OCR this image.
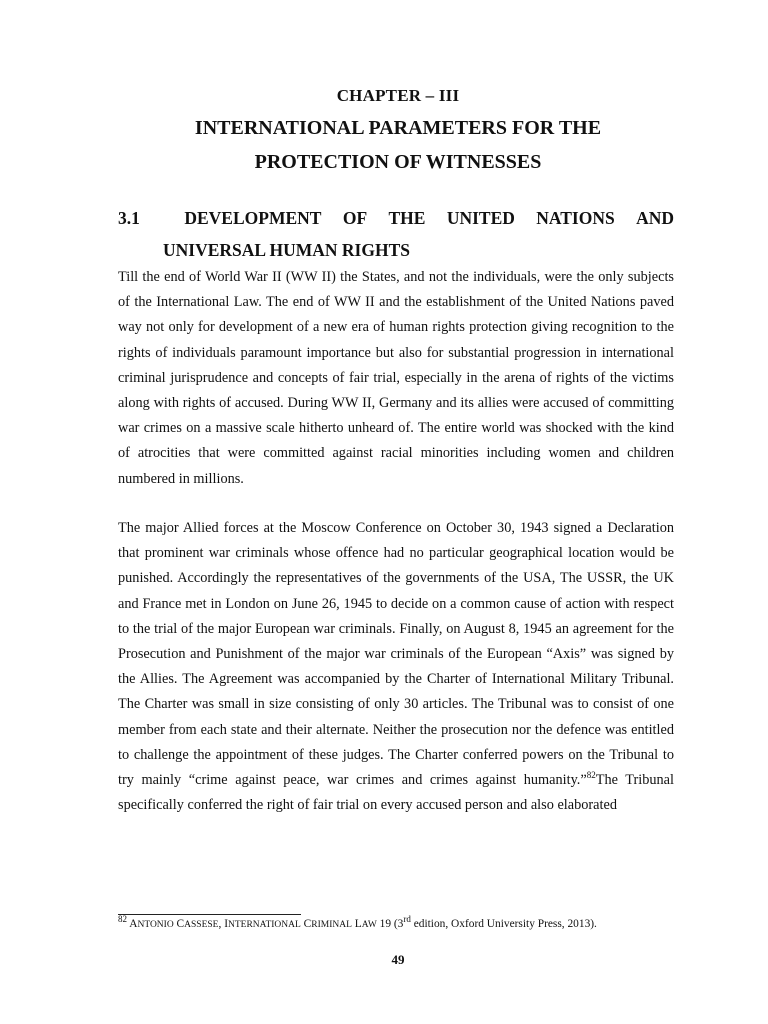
CHAPTER – III
INTERNATIONAL PARAMETERS FOR THE
PROTECTION OF WITNESSES
3.1	DEVELOPMENT OF THE UNITED NATIONS AND
UNIVERSAL HUMAN RIGHTS

Till the end of World War II (WW II) the States, and not the individuals, were the only subjects of the International Law. The end of WW II and the establishment of the United Nations paved way not only for development of a new era of human rights protection giving recognition to the rights of individuals paramount importance but also for substantial progression in international criminal jurisprudence and concepts of fair trial, especially in the arena of rights of the victims along with rights of accused. During WW II, Germany and its allies were accused of committing war crimes on a massive scale hitherto unheard of. The entire world was shocked with the kind of atrocities that were committed against racial minorities including women and children numbered in millions.

The major Allied forces at the Moscow Conference on October 30, 1943 signed a Declaration that prominent war criminals whose offence had no particular geographical location would be punished. Accordingly the representatives of the governments of the USA, The USSR, the UK and France met in London on June 26, 1945 to decide on a common cause of action with respect to the trial of the major European war criminals. Finally, on August 8, 1945 an agreement for the Prosecution and Punishment of the major war criminals of the European “Axis” was signed by the Allies. The Agreement was accompanied by the Charter of International Military Tribunal. The Charter was small in size consisting of only 30 articles. The Tribunal was to consist of one member from each state and their alternate. Neither the prosecution nor the defence was entitled to challenge the appointment of these judges. The Charter conferred powers on the Tribunal to try mainly “crime against peace, war crimes and crimes against humanity.”$^{82}$The Tribunal specifically conferred the right of fair trial on every accused person and also elaborated

$^{82}$ ANTONIO CASSESE, INTERNATIONAL CRIMINAL LAW 19 (3rd edition, Oxford University Press, 2013).
49
